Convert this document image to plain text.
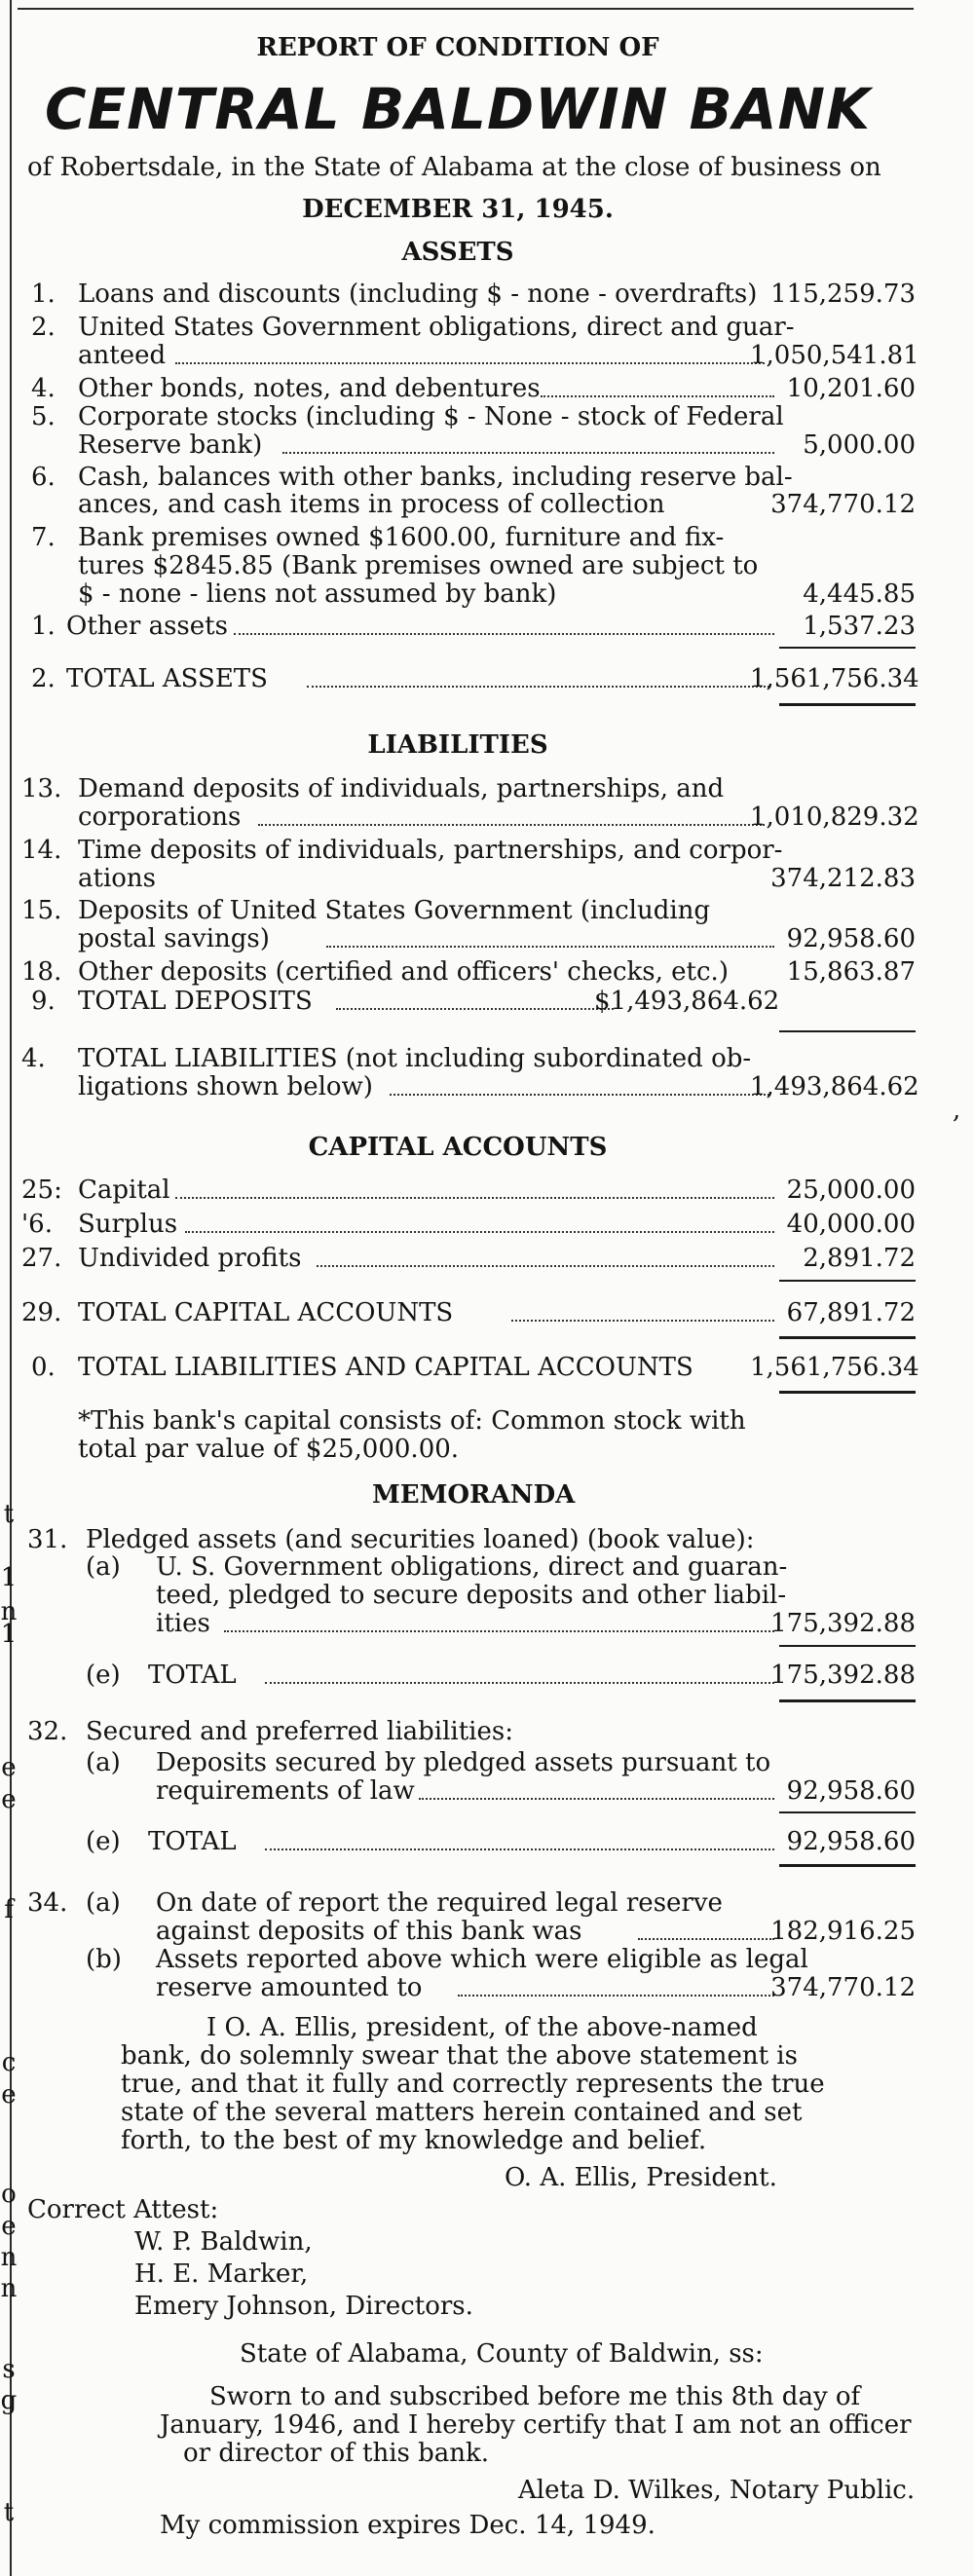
t
1
n
1
e
e
f
c
e
o
e
n
n
s
g
t
REPORT OF CONDITION OF
CENTRAL BALDWIN BANK
of Robertsdale, in the State of Alabama at the close of business on
DECEMBER 31, 1945.
ASSETS
1. Loans and discounts (including $ - none - overdrafts) 115,259.73
2. United States Government obligations, direct and guar-
anteed	1,050,541.81
4. Other bonds, notes, and debentures	10,201.60
5. Corporate stocks (including $ - None - stock of Federal
Reserve bank)	5,000.00
6. Cash, balances with other banks, including reserve bal-
ances, and cash items in process of collection	374,770.12
7. Bank premises owned $1600.00, furniture and fix-
tures $2845.85 (Bank premises owned are subject to
$ - none - liens not assumed by bank)	4,445.85
1. Other assets	1,537.23
2. TOTAL ASSETS	1,561,756.34
LIABILITIES
13. Demand deposits of individuals, partnerships, and
corporations	1,010,829.32
14. Time deposits of individuals, partnerships, and corpor-
ations	374,212.83
15. Deposits of United States Government (including
postal savings)	92,958.60
18. Other deposits (certified and officers' checks, etc.)	15,863.87
9. TOTAL DEPOSITS	$1,493,864.62
4. TOTAL LIABILITIES (not including subordinated ob-
ligations shown below)	1,493,864.62
,
CAPITAL ACCOUNTS
25: Capital	25,000.00
'6. Surplus	40,000.00
27. Undivided profits	2,891.72
29. TOTAL CAPITAL ACCOUNTS	67,891.72
0. TOTAL LIABILITIES AND CAPITAL ACCOUNTS 1,561,756.34
*This bank's capital consists of: Common stock with
total par value of $25,000.00.
MEMORANDA
31. Pledged assets (and securities loaned) (book value):
(a) U. S. Government obligations, direct and guaran-
teed, pledged to secure deposits and other liabil-
ities	175,392.88
(e) TOTAL	175,392.88
32. Secured and preferred liabilities:
(a) Deposits secured by pledged assets pursuant to
requirements of law	92,958.60
(e) TOTAL	92,958.60
34. (a) On date of report the required legal reserve
against deposits of this bank was	182,916.25
(b) Assets reported above which were eligible as legal
reserve amounted to	374,770.12
I O. A. Ellis, president, of the above-named
bank, do solemnly swear that the above statement is
true, and that it fully and correctly represents the true
state of the several matters herein contained and set
forth, to the best of my knowledge and belief.
O. A. Ellis, President.
Correct Attest:
W. P. Baldwin,
H. E. Marker,
Emery Johnson, Directors.
State of Alabama, County of Baldwin, ss:
Sworn to and subscribed before me this 8th day of
January, 1946, and I hereby certify that I am not an officer
or director of this bank.
Aleta D. Wilkes, Notary Public.
My commission expires Dec. 14, 1949.
